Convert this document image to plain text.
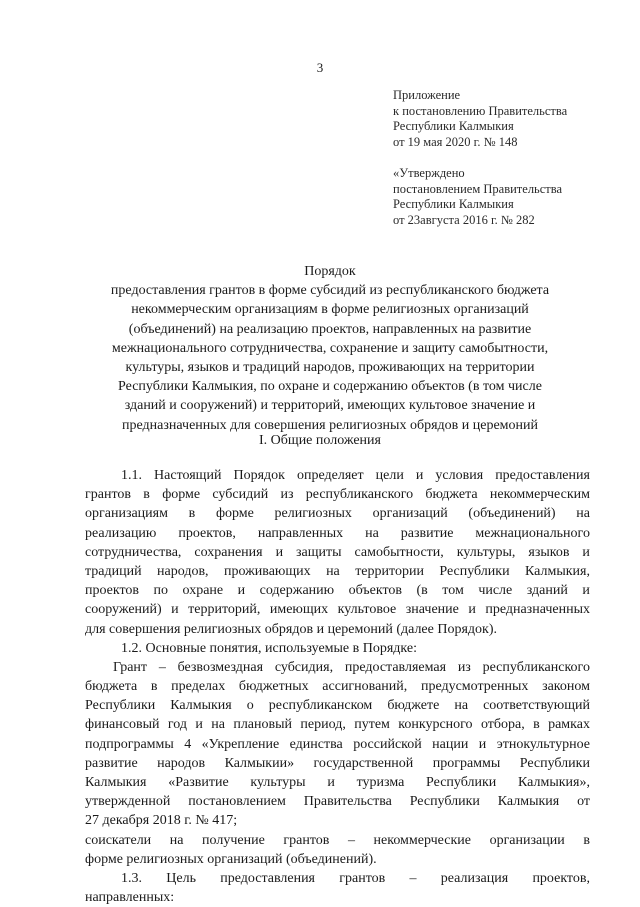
3
Приложение
к постановлению Правительства
Республики Калмыкия
от 19 мая 2020 г. № 148
«Утверждено
постановлением Правительства
Республики Калмыкия
от 23августа 2016 г. № 282
Порядок
предоставления грантов в форме субсидий из республиканского бюджета
некоммерческим организациям в форме религиозных организаций
(объединений) на реализацию проектов, направленных на развитие
межнационального сотрудничества, сохранение и защиту самобытности,
культуры, языков и традиций народов, проживающих на территории
Республики Калмыкия, по охране и содержанию объектов (в том числе
зданий и сооружений) и территорий, имеющих культовое значение и
предназначенных для совершения религиозных обрядов и церемоний
I. Общие положения
1.1. Настоящий Порядок определяет цели и условия предоставления
грантов в форме субсидий из республиканского бюджета некоммерческим
организациям в форме религиозных организаций (объединений) на
реализацию проектов, направленных на развитие межнационального
сотрудничества, сохранения и защиты самобытности, культуры, языков и
традиций народов, проживающих на территории Республики Калмыкия,
проектов по охране и содержанию объектов (в том числе зданий и
сооружений) и территорий, имеющих культовое значение и предназначенных
для совершения религиозных обрядов и церемоний (далее Порядок).
1.2. Основные понятия, используемые в Порядке:
Грант – безвозмездная субсидия, предоставляемая из республиканского
бюджета в пределах бюджетных ассигнований, предусмотренных законом
Республики Калмыкия о республиканском бюджете на соответствующий
финансовый год и на плановый период, путем конкурсного отбора, в рамках
подпрограммы 4 «Укрепление единства российской нации и этнокультурное
развитие народов Калмыкии» государственной программы Республики
Калмыкия «Развитие культуры и туризма Республики Калмыкия»,
утвержденной постановлением Правительства Республики Калмыкия от
27 декабря 2018 г. № 417;
соискатели на получение грантов – некоммерческие организации в
форме религиозных организаций (объединений).
1.3. Цель предоставления грантов – реализация проектов,
направленных:
